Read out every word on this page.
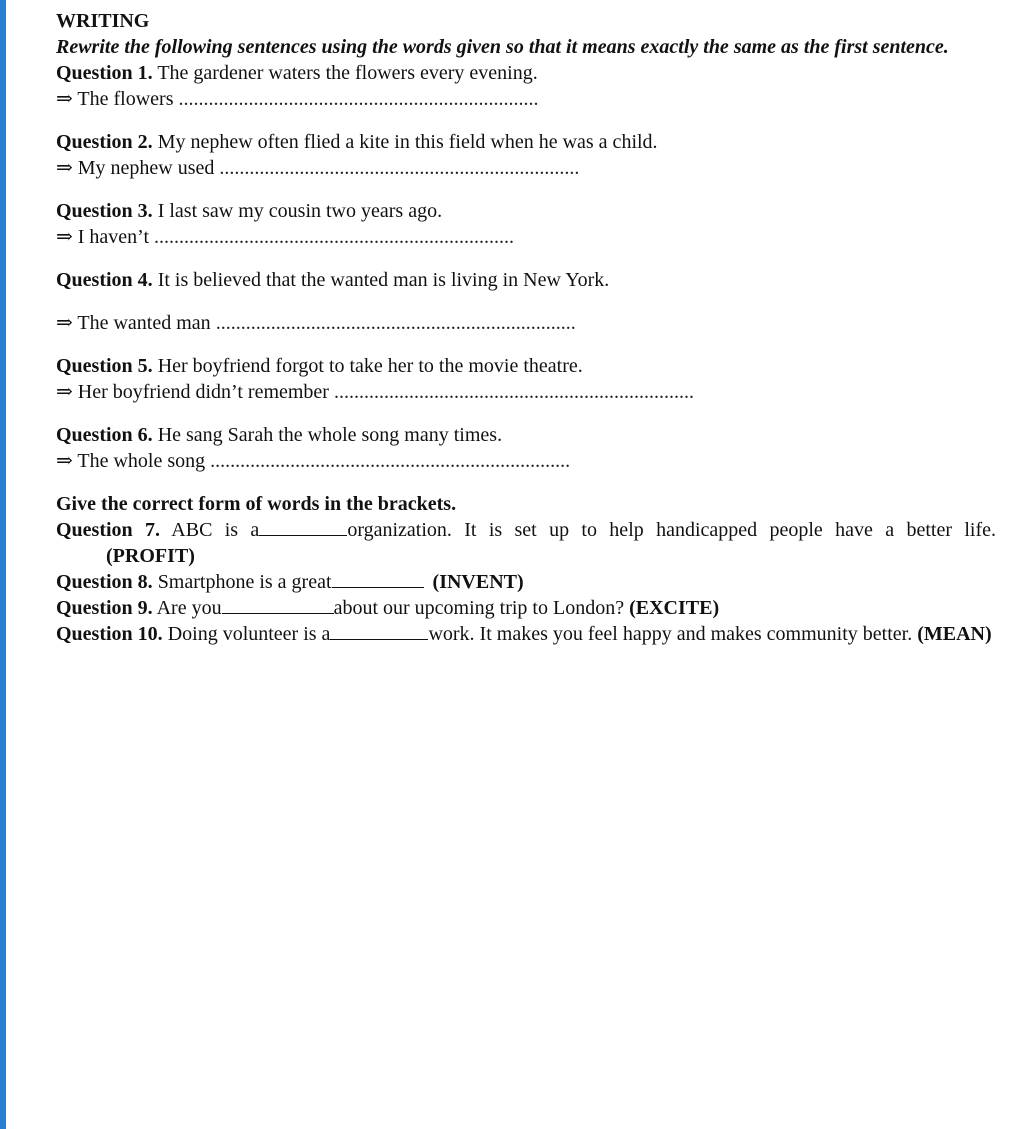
WRITING

Rewrite the following sentences using the words given so that it means exactly the same as the first sentence.

Question 1. The gardener waters the flowers every evening.

⇒ The flowers ........................................................................

Question 2. My nephew often flied a kite in this field when he was a child.

⇒ My nephew used ........................................................................

Question 3. I last saw my cousin two years ago.

⇒ I haven’t ........................................................................

Question 4. It is believed that the wanted man is living in New York.

⇒ The wanted man ........................................................................

Question 5. Her boyfriend forgot to take her to the movie theatre.

⇒ Her boyfriend didn’t remember ........................................................................

Question 6. He sang Sarah the whole song many times.

⇒ The whole song ........................................................................

Give the correct form of words in the brackets.

Question 7. ABC is a	organization. It is set up to help handicapped people have a better life. (PROFIT)

Question 8. Smartphone is a great	(INVENT)

Question 9. Are you	about our upcoming trip to London? (EXCITE)

Question 10. Doing volunteer is a	work. It makes you feel happy and makes community better. (MEAN)
